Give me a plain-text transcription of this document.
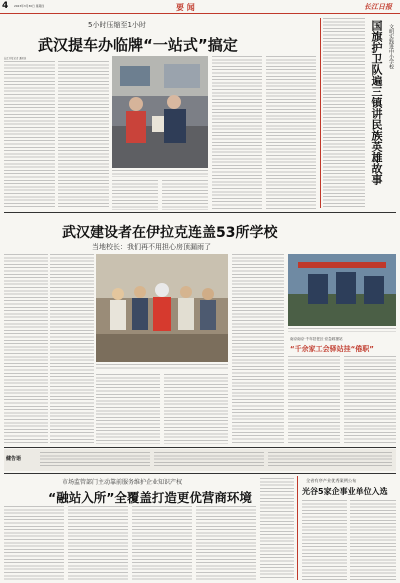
4 2023年3月30日 星期四	要 闻	长江日报
5小时压缩至1小时
武汉提车办临牌“一站式”搞定
长江日报记者 通讯员	国旗护卫队遍三镇讲民族英雄故事 文明实践进中小学校
武汉建设者在伊拉克连盖53所学校
当地校长：我们再不用担心房顶漏雨了
南京南京·千年扶老区·应急救援站
“千余家工会驿站挂“倦职”
健告语
市场监管部门主动靠前服务维护企业知识产权
“融站入所”全覆盖打造更优营商环境
全省有序产业优秀案例公布
光谷5家企事业单位入选
